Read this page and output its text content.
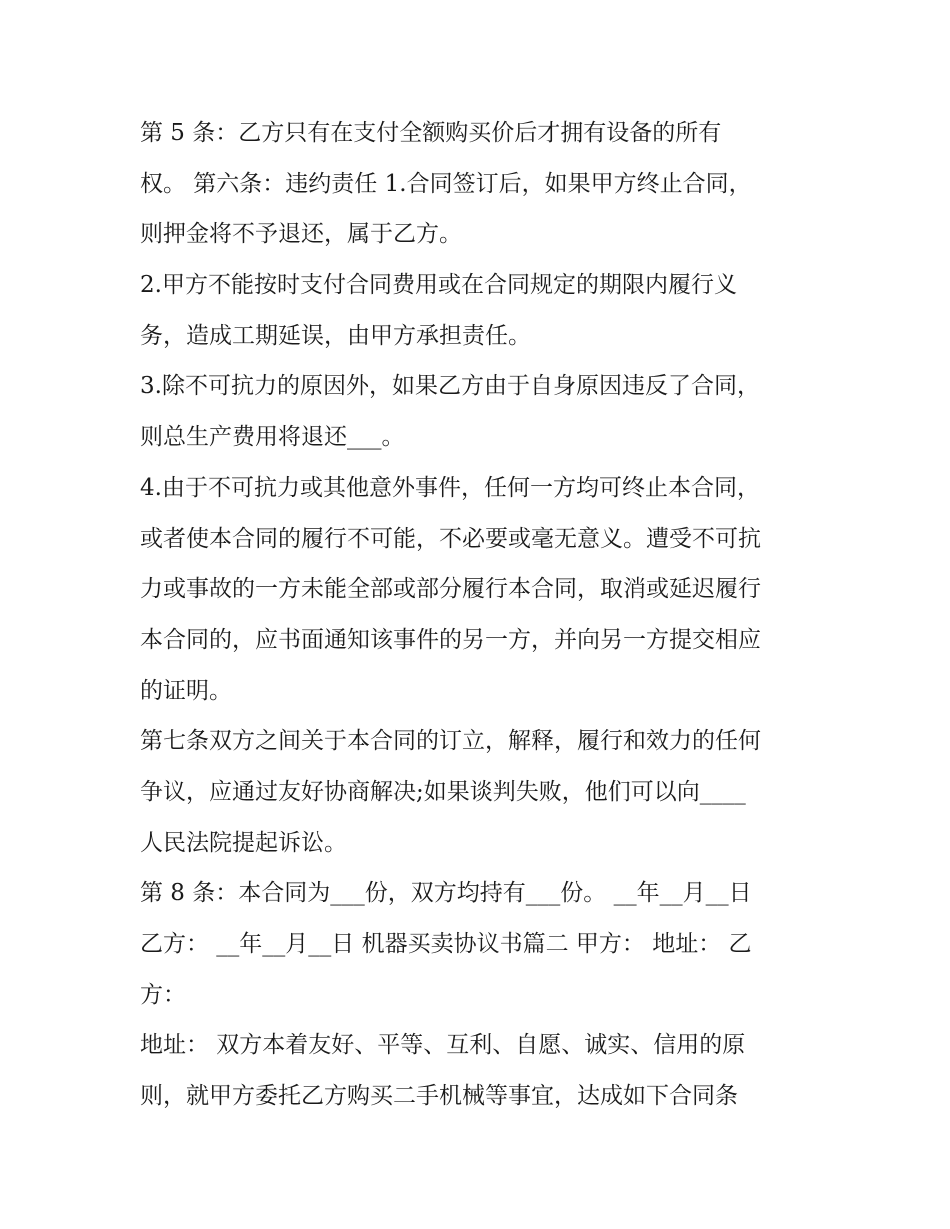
第 5 条：乙方只有在支付全额购买价后才拥有设备的所有
权。 第六条：违约责任 1.合同签订后，如果甲方终止合同，
则押金将不予退还，属于乙方。
2.甲方不能按时支付合同费用或在合同规定的期限内履行义
务，造成工期延误，由甲方承担责任。
3.除不可抗力的原因外，如果乙方由于自身原因违反了合同，
则总生产费用将退还___。
4.由于不可抗力或其他意外事件，任何一方均可终止本合同，
或者使本合同的履行不可能，不必要或毫无意义。遭受不可抗
力或事故的一方未能全部或部分履行本合同，取消或延迟履行
本合同的，应书面通知该事件的另一方，并向另一方提交相应
的证明。
第七条双方之间关于本合同的订立，解释，履行和效力的任何
争议，应通过友好协商解决;如果谈判失败，他们可以向____
人民法院提起诉讼。
第 8 条：本合同为___份，双方均持有___份。 __年__月__日
乙方： __年__月__日 机器买卖协议书篇二 甲方： 地址： 乙
方：
地址： 双方本着友好、平等、互利、自愿、诚实、信用的原
则，就甲方委托乙方购买二手机械等事宜，达成如下合同条
